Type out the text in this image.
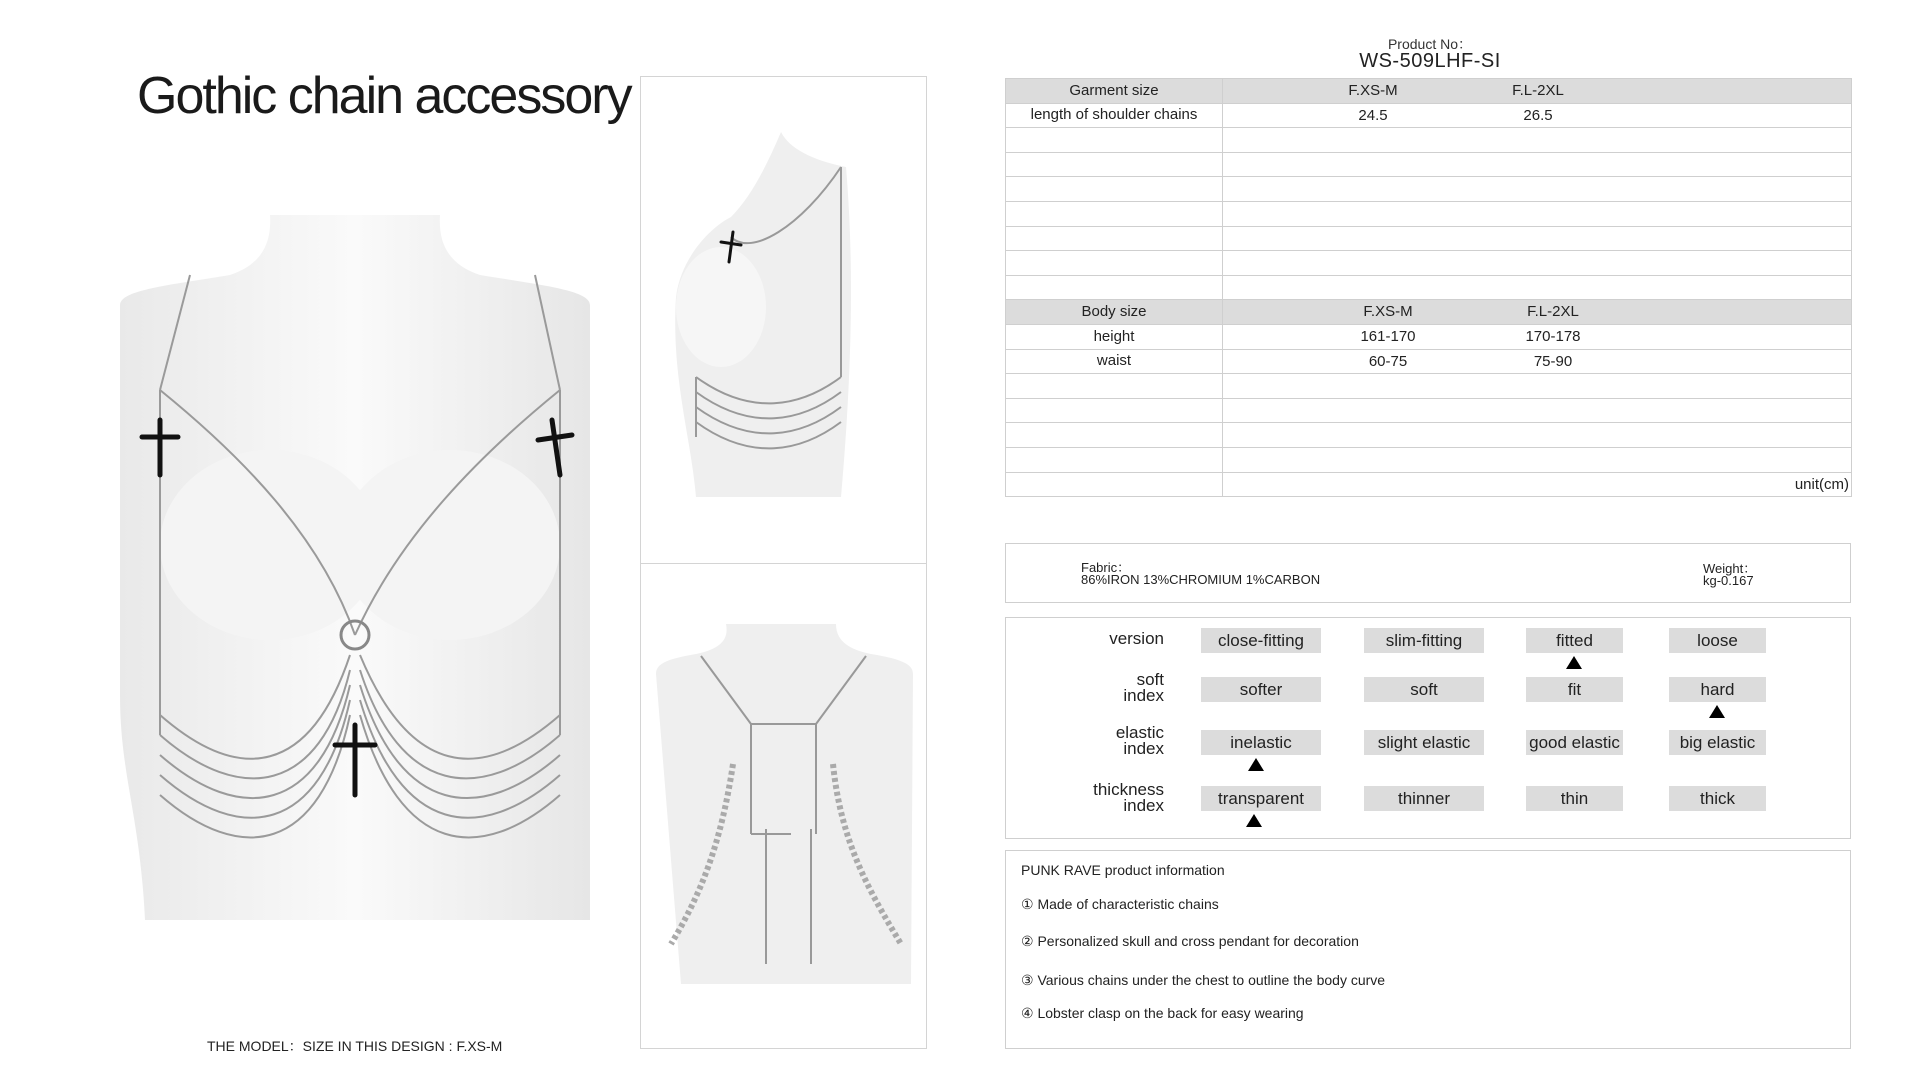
Gothic chain accessory
THE MODEL：SIZE IN THIS DESIGN : F.XS-M
Product No：
WS-509LHF-SI
Garment size	F.XS-M F.L-2XL

length of shoulder chains	24.5 26.5

Body size	F.XS-M F.L-2XL

height	161-170 170-178

waist	60-75 75-90

	unit(cm)
Fabric：
86%IRON 13%CHROMIUM 1%CARBON
Weight：
kg-0.167
version	close-fitting	slim-fitting	fitted	loose
soft
index	softer	soft	fit	hard
elastic
index	inelastic	slight elastic	good elastic	big elastic
thickness
index	transparent	thinner	thin	thick
PUNK RAVE product information
① Made of characteristic chains
② Personalized skull and cross pendant for decoration
③ Various chains under the chest to outline the body curve
④ Lobster clasp on the back for easy wearing
